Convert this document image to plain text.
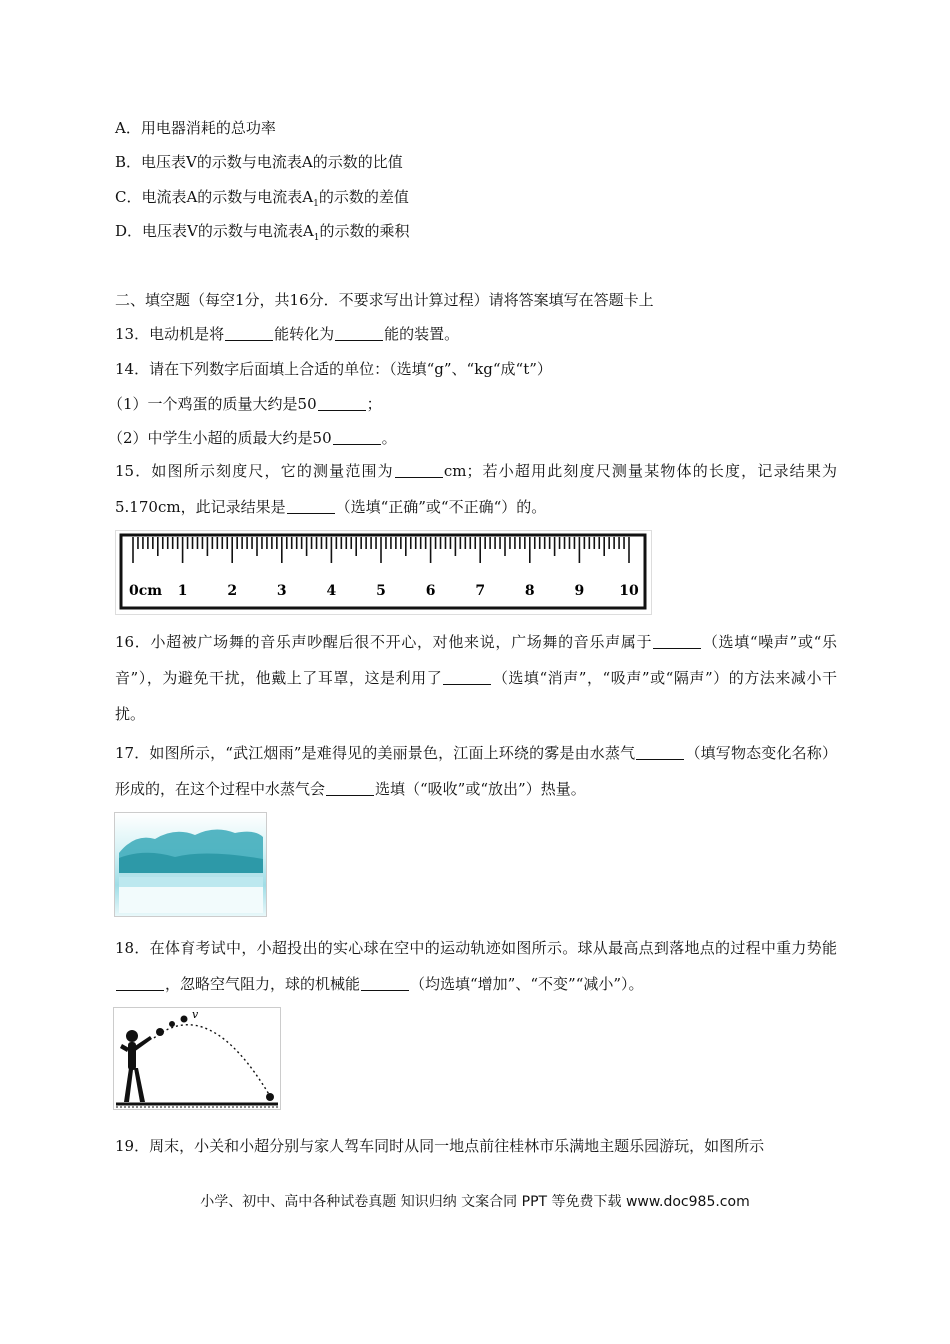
A．用电器消耗的总功率
B．电压表Ⅴ的示数与电流表A的示数的比值
C．电流表A的示数与电流表$A_1$的示数的差值
D．电压表Ⅴ的示数与电流表$A_1$的示数的乘积
二、填空题（每空1分，共16分．不要求写出计算过程）请将答案填写在答题卡上
13．电动机是将	能转化为	能的装置。
14．请在下列数字后面填上合适的单位：（选填“g”、“kg“成“t”）
（1）一个鸡蛋的质量大约是50	；
（2）中学生小超的质最大约是50	。
15．如图所示刻度尺，它的测量范围为	cm；若小超用此刻度尺测量某物体的长度，记录结果为5.170cm，此记录结果是	（选填“正确”或“不正确“）的。
0cm 1	2	3	4	5	6	7	8	9 10
16．小超被广场舞的音乐声吵醒后很不开心，对他来说，广场舞的音乐声属于	（选填“噪声”或“乐音”），为避免干扰，他戴上了耳罩，这是利用了	（选填“消声”，“吸声”或“隔声”）的方法来减小干扰。
17．如图所示，“武江烟雨”是难得见的美丽景色，江面上环绕的雾是由水蒸气	（填写物态变化名称）形成的，在这个过程中水蒸气会	选填（“吸收”或“放出”）热量。
18．在体育考试中，小超投出的实心球在空中的运动轨迹如图所示。球从最高点到落地点的过程中重力势能，忽略空气阻力，球的机械能	（均选填“增加”、“不变”“减小”）。
v
19．周末，小关和小超分别与家人驾车同时从同一地点前往桂林市乐满地主题乐园游玩，如图所示
小学、初中、高中各种试卷真题 知识归纳 文案合同 PPT 等免费下载 www.doc985.com
